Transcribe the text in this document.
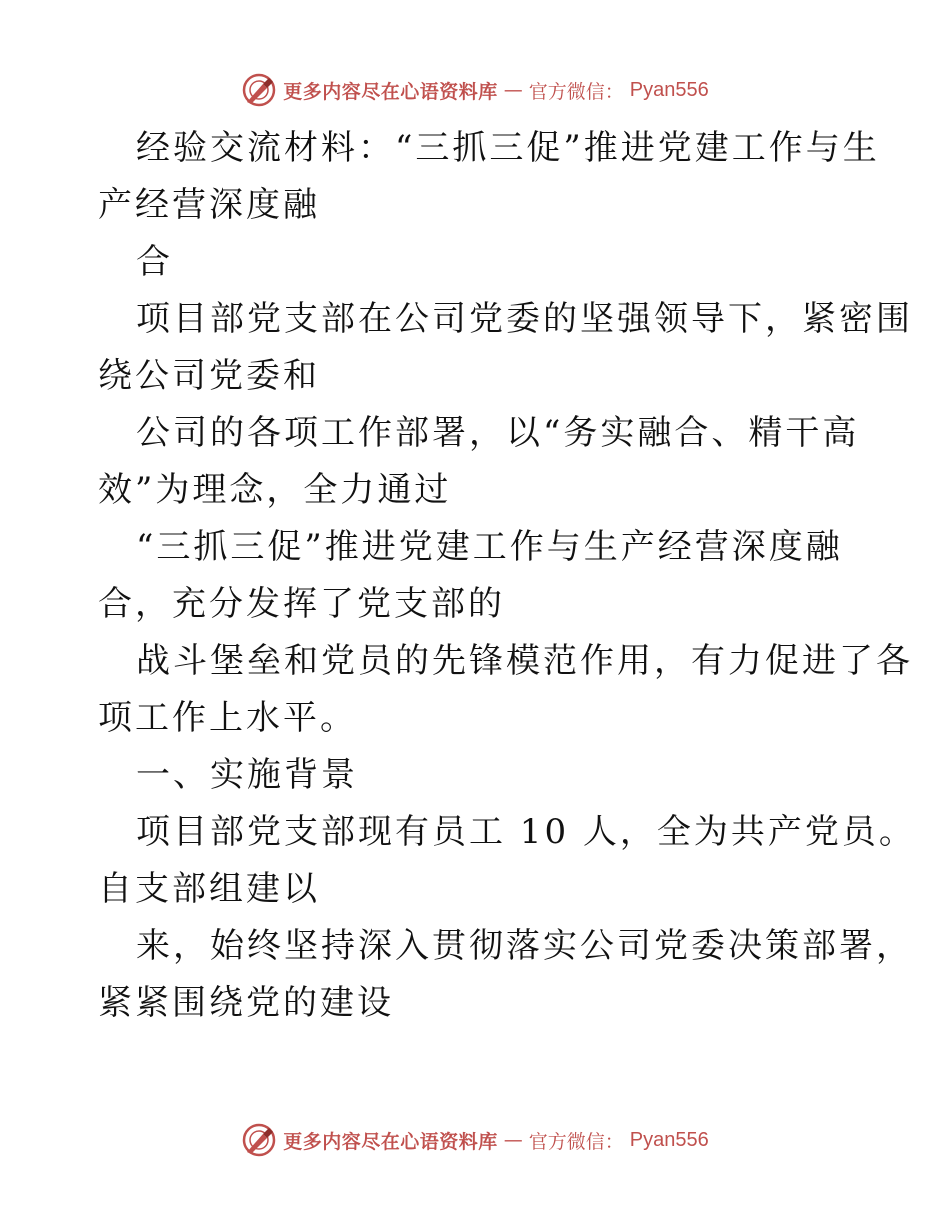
更多内容尽在心语资料库 — 官方微信： Pyan556
经验交流材料：“三抓三促”推进党建工作与生
产经营深度融
合
项目部党支部在公司党委的坚强领导下，紧密围
绕公司党委和
公司的各项工作部署，以“务实融合、精干高
效”为理念，全力通过
“三抓三促”推进党建工作与生产经营深度融
合，充分发挥了党支部的
战斗堡垒和党员的先锋模范作用，有力促进了各
项工作上水平。
一、实施背景
项目部党支部现有员工 10 人，全为共产党员。
自支部组建以
来，始终坚持深入贯彻落实公司党委决策部署，
紧紧围绕党的建设
更多内容尽在心语资料库 — 官方微信： Pyan556
